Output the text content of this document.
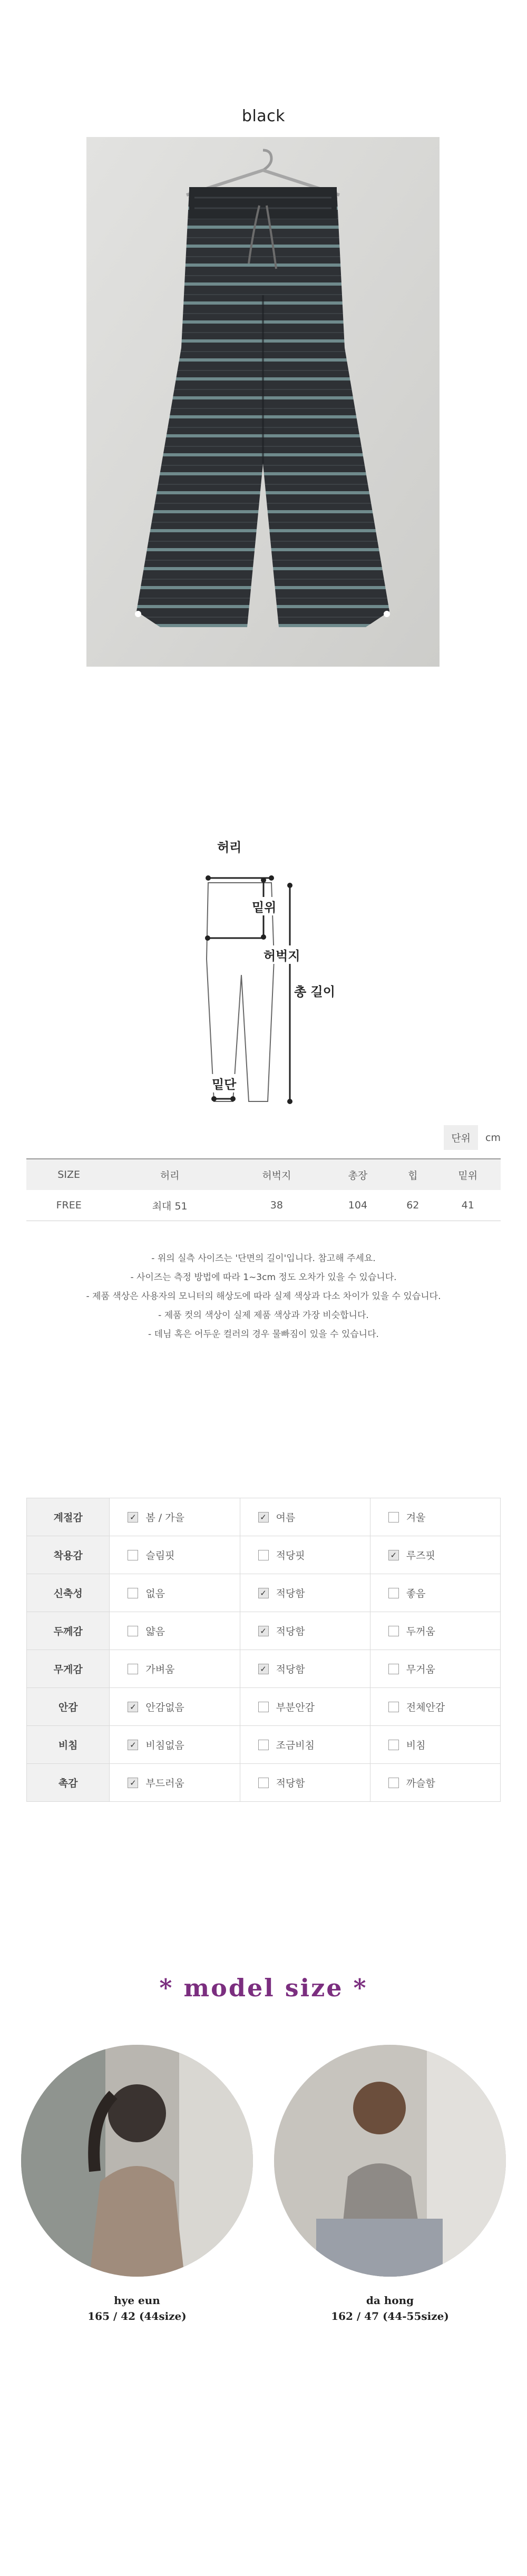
black
허리
밑위
허벅지
총 길이
밑단
단위	cm
SIZE	허리	허벅지	총장	힙	밑위
FREE	최대 51	38	104	62	41
- 위의 실측 사이즈는 '단면의 길이'입니다. 참고해 주세요.
- 사이즈는 측정 방법에 따라 1~3cm 정도 오차가 있을 수 있습니다.
- 제품 색상은 사용자의 모니터의 해상도에 따라 실제 색상과 다소 차이가 있을 수 있습니다.
- 제품 컷의 색상이 실제 제품 색상과 가장 비슷합니다.
- 데님 혹은 어두운 컬러의 경우 물빠짐이 있을 수 있습니다.
계절감	✓ 봄 / 가을	✓ 여름	겨울
착용감	슬림핏	적당핏	✓ 루즈핏
신축성	없음	✓ 적당함	좋음
두께감	얇음	✓ 적당함	두꺼움
무게감	가벼움	✓ 적당함	무거움
안감	✓ 안감없음	부분안감	전체안감
비침	✓ 비침없음	조금비침	비침
촉감	✓ 부드러움	적당함	까슬함
* model size *
hye eun
165 / 42 (44size)
da hong
162 / 47 (44-55size)
